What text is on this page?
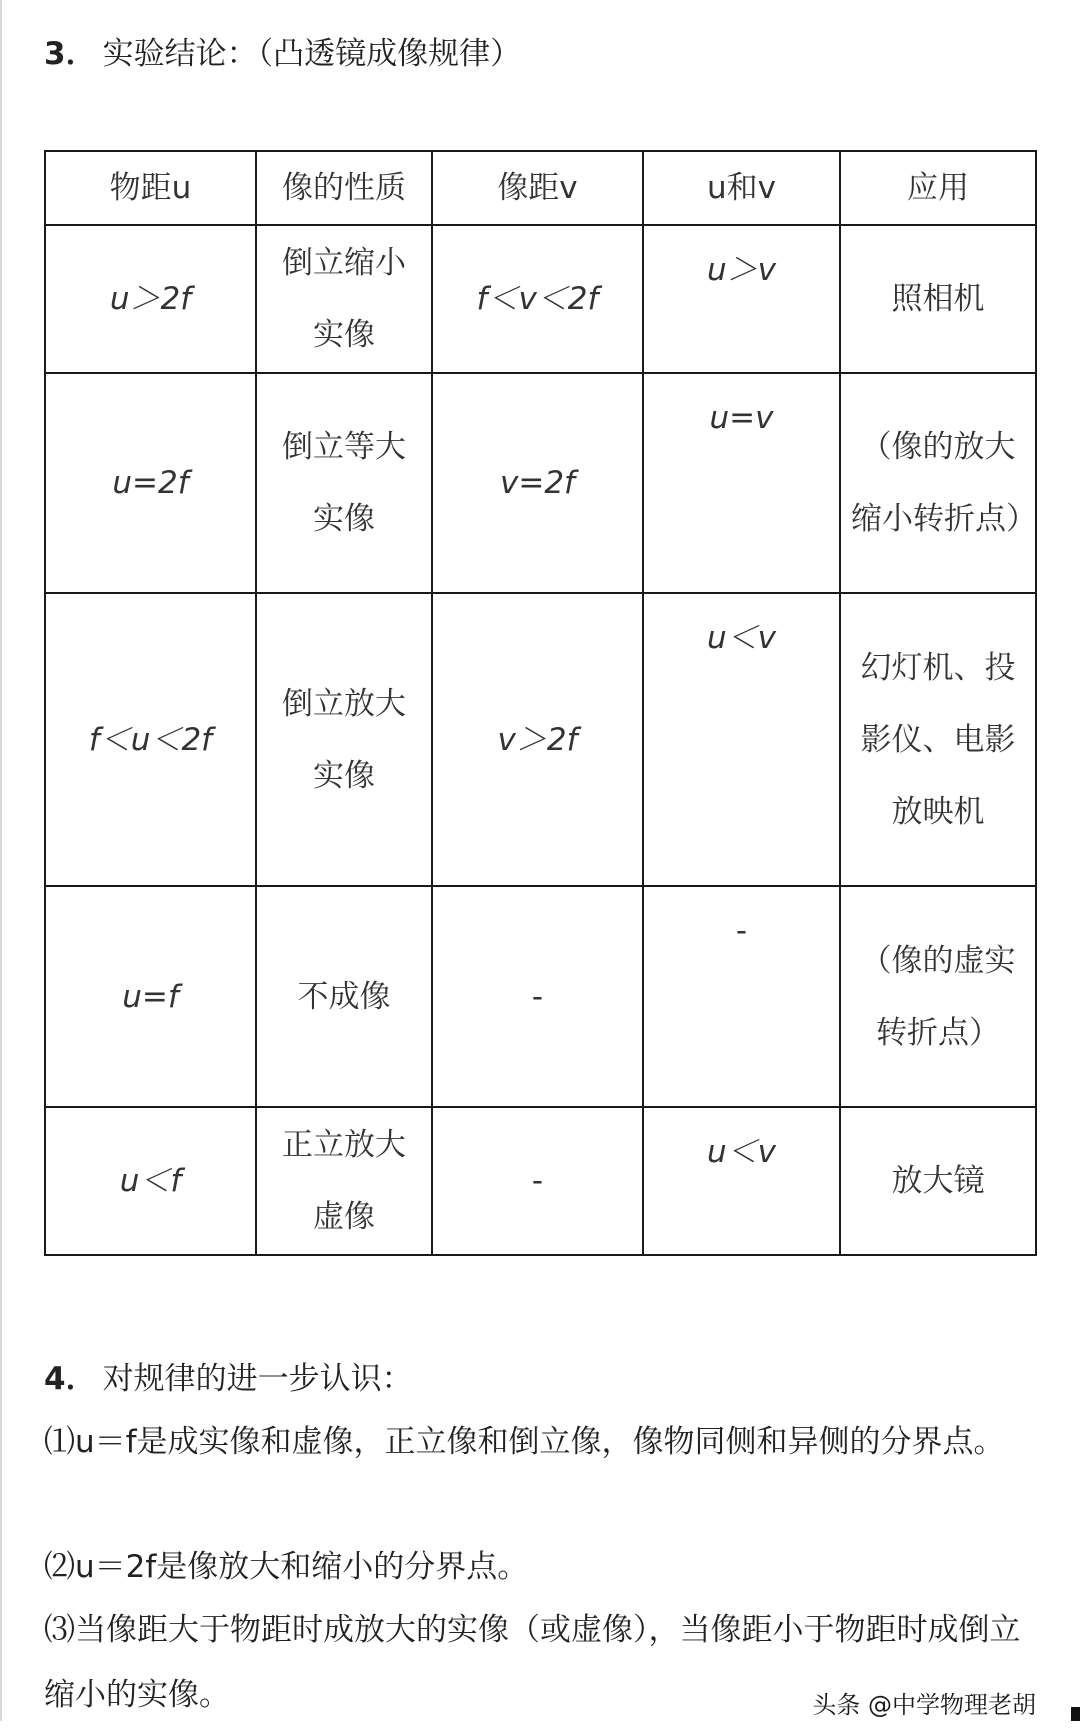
3． 实验结论：（凸透镜成像规律）
物距u	像的性质	像距v	u和v	应用
u＞2f	倒立缩小实像	f＜v＜2f	u＞v	照相机
u=2f	倒立等大实像	v=2f	u=v	（像的放大缩小转折点）
f＜u＜2f	倒立放大实像	v＞2f	u＜v	幻灯机、投影仪、电影放映机
u=f	不成像	-	-	（像的虚实转折点）
u＜f	正立放大虚像	-	u＜v	放大镜
4． 对规律的进一步认识：
⑴u＝f是成实像和虚像，正立像和倒立像，像物同侧和异侧的分界点。
⑵u＝2f是像放大和缩小的分界点。
⑶当像距大于物距时成放大的实像（或虚像），当像距小于物距时成倒立缩小的实像。	头条 @中学物理老胡
